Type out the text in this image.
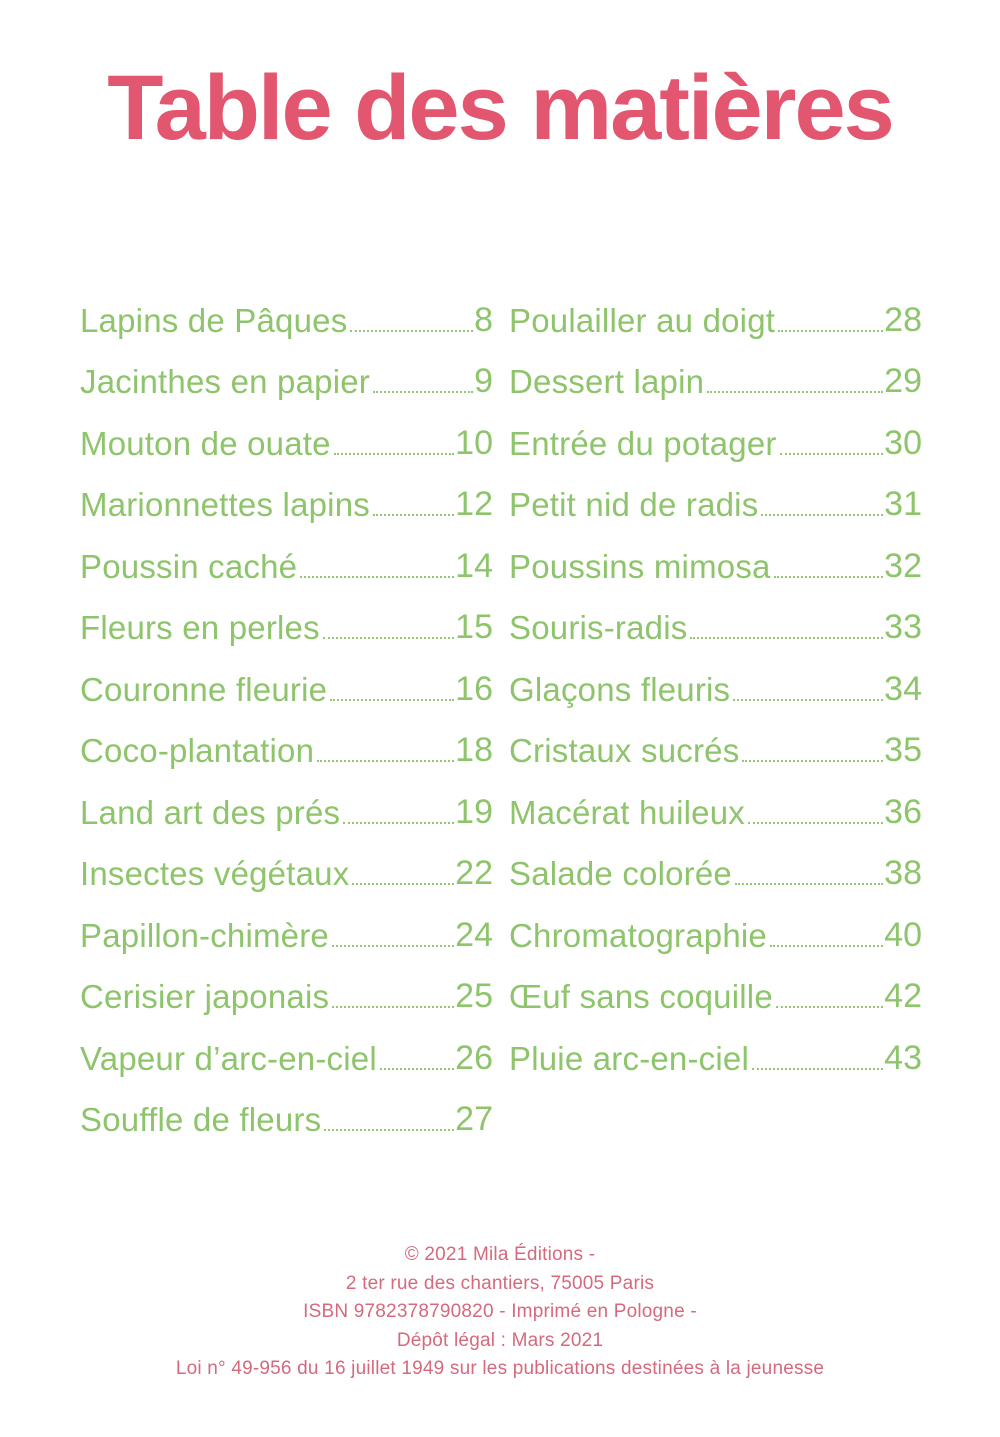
Table des matières
Lapins de Pâques	8
Jacinthes en papier	9
Mouton de ouate	10
Marionnettes lapins	12
Poussin caché	14
Fleurs en perles	15
Couronne fleurie	16
Coco-plantation	18
Land art des prés	19
Insectes végétaux	22
Papillon-chimère	24
Cerisier japonais	25
Vapeur d’arc-en-ciel 26
Souffle de fleurs	27
Poulailler au doigt	28
Dessert lapin	29
Entrée du potager	30
Petit nid de radis	31
Poussins mimosa	32
Souris-radis	33
Glaçons fleuris	34
Cristaux sucrés	35
Macérat huileux	36
Salade colorée	38
Chromatographie	40
Œuf sans coquille	42
Pluie arc-en-ciel	43
© 2021 Mila Éditions -
2 ter rue des chantiers, 75005 Paris
ISBN 9782378790820 - Imprimé en Pologne -
Dépôt légal : Mars 2021
Loi n° 49-956 du 16 juillet 1949 sur les publications destinées à la jeunesse
